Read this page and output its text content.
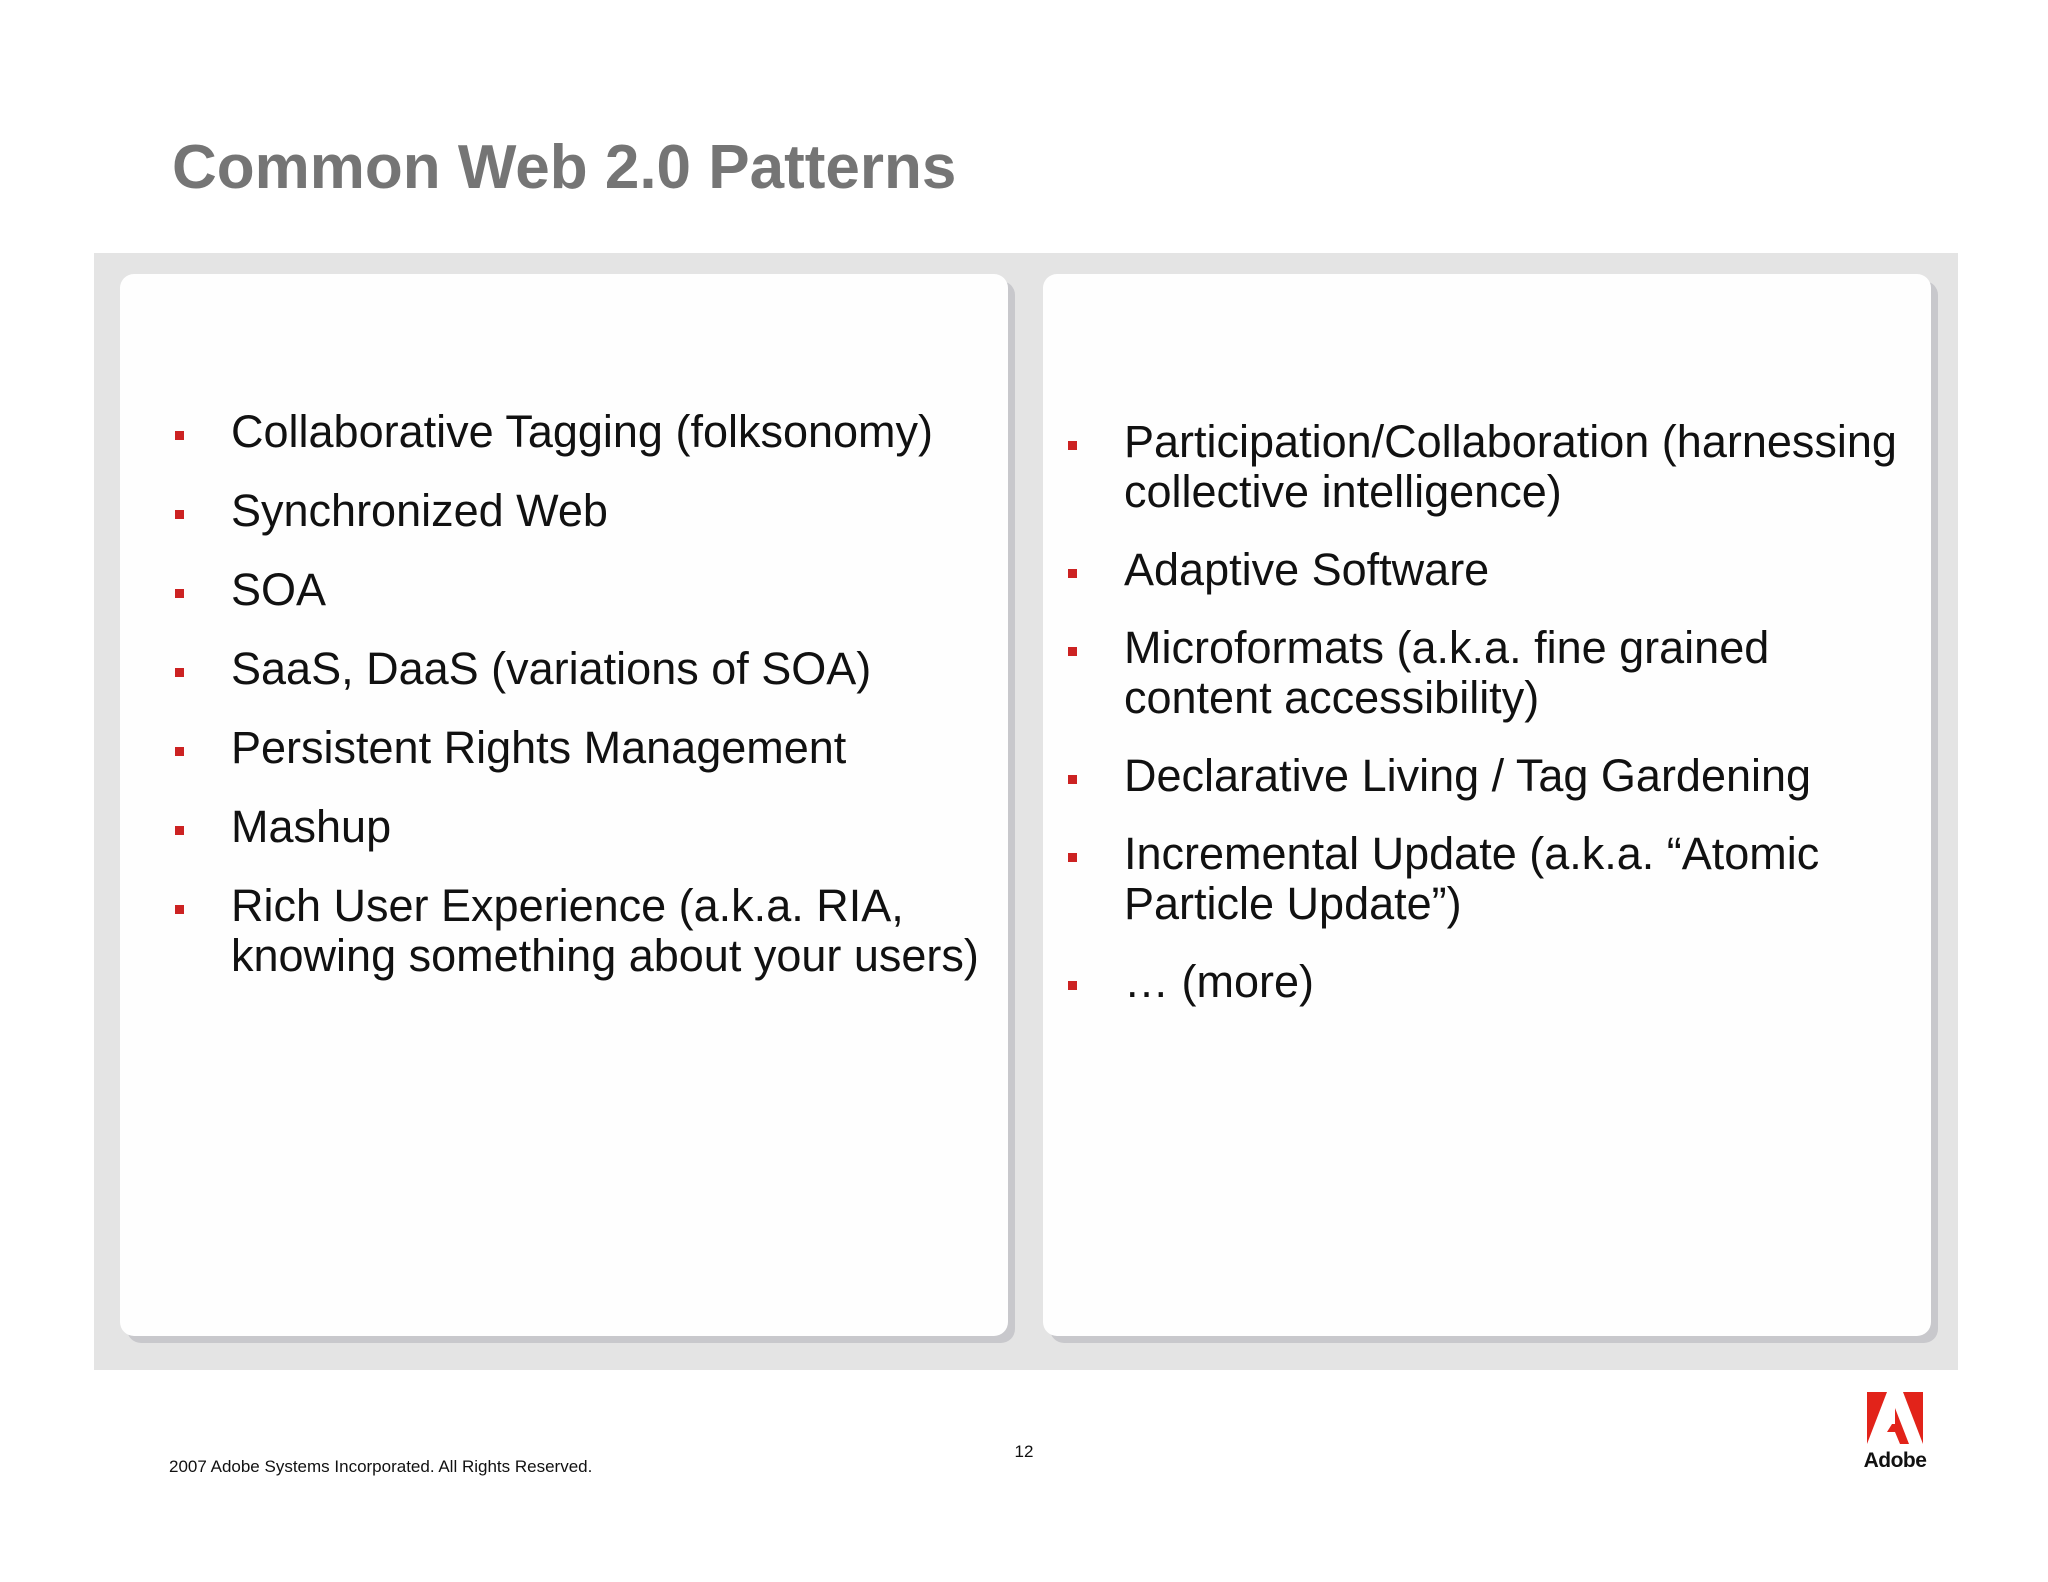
Common Web 2.0 Patterns
Collaborative Tagging (folksonomy)
Synchronized Web
SOA
SaaS, DaaS (variations of SOA)
Persistent Rights Management
Mashup
Rich User Experience (a.k.a. RIA, knowing something about your users)
Participation/Collaboration (harnessing collective intelligence)
Adaptive Software
Microformats (a.k.a. fine grained content accessibility)
Declarative Living / Tag Gardening
Incremental Update (a.k.a. “Atomic Particle Update”)
… (more)
12
2007 Adobe Systems Incorporated. All Rights Reserved.
®
Adobe
